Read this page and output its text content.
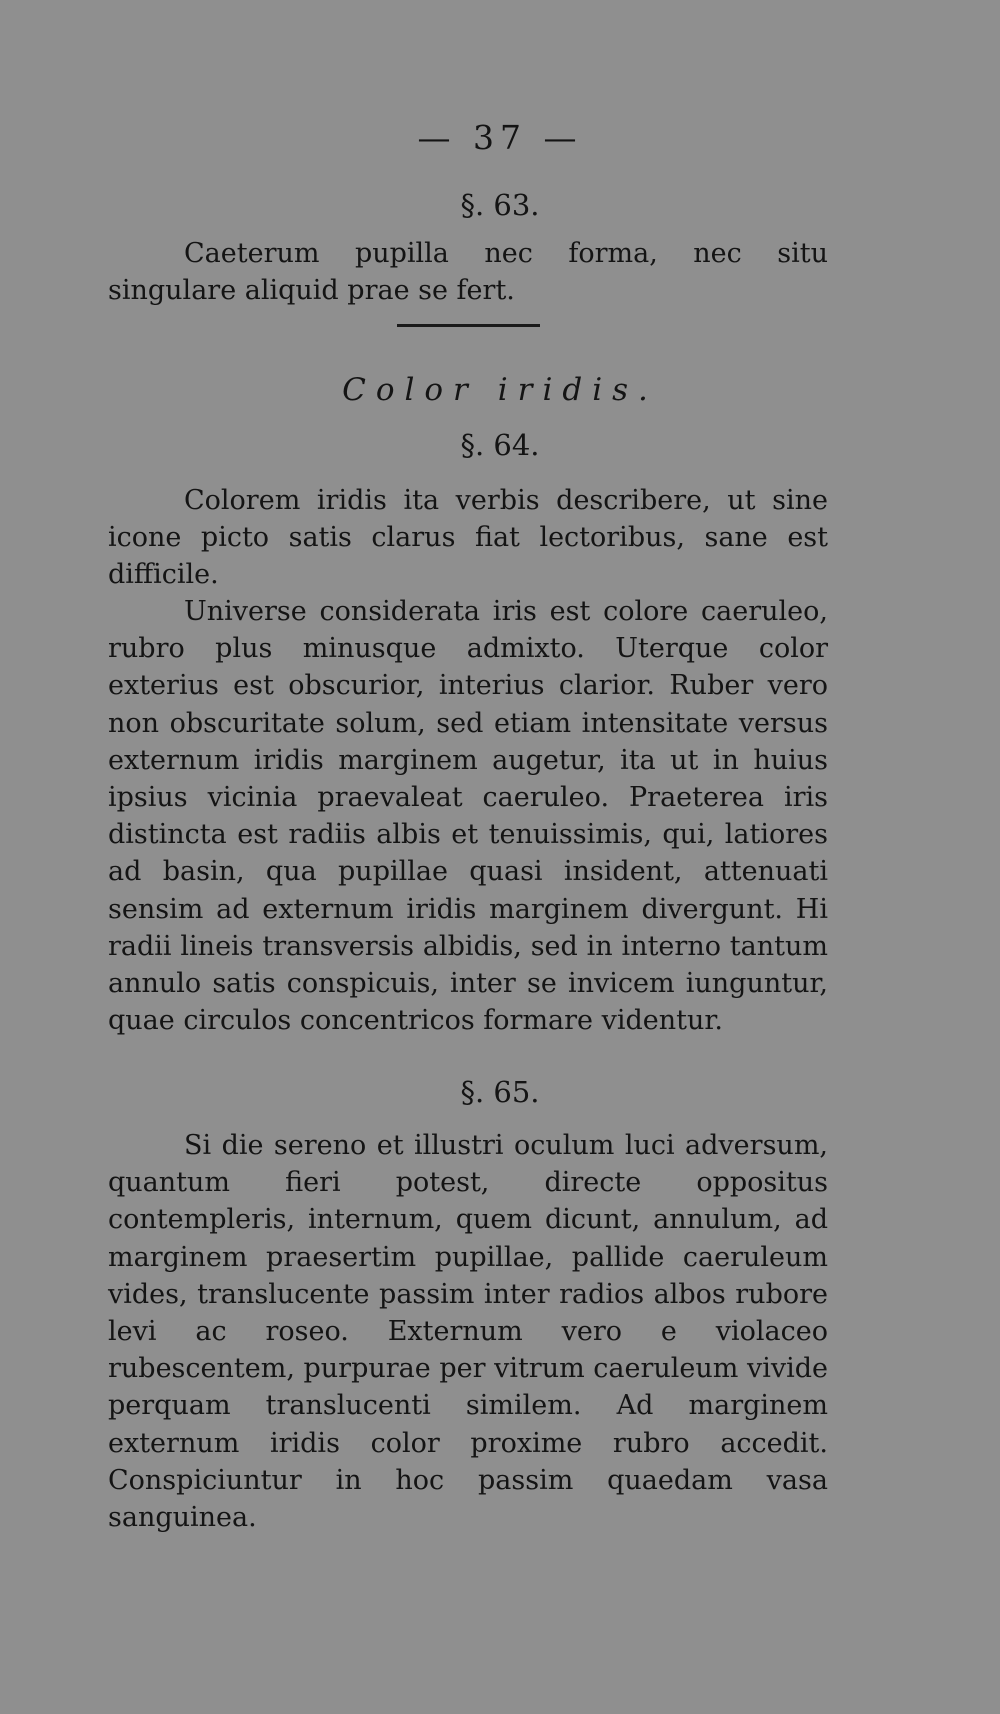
— 37 —
§. 63.

Caeterum pupilla nec forma, nec situ singulare aliquid prae se fert.

Color iridis.
§. 64.

Colorem iridis ita verbis describere, ut sine icone picto satis clarus fiat lectoribus, sane est difficile.

Universe considerata iris est colore caeruleo, rubro plus minusque admixto. Uterque color exterius est obscurior, interius clarior. Ruber vero non obscuritate solum, sed etiam intensitate versus externum iridis marginem augetur, ita ut in huius ipsius vicinia praevaleat caeruleo. Praeterea iris distincta est radiis albis et tenuissimis, qui, latiores ad basin, qua pupillae quasi insident, attenuati sensim ad externum iridis marginem divergunt. Hi radii lineis transversis albidis, sed in interno tantum annulo satis conspicuis, inter se invicem iunguntur, quae circulos concentricos formare videntur.

§. 65.

Si die sereno et illustri oculum luci adversum, quantum fieri potest, directe oppositus contempleris, internum, quem dicunt, annulum, ad marginem praesertim pupillae, pallide caeruleum vides, translucente passim inter radios albos rubore levi ac roseo. Externum vero e violaceo rubescentem, purpurae per vitrum caeruleum vivide perquam translucenti similem. Ad marginem externum iridis color proxime rubro accedit. Conspiciuntur in hoc passim quaedam vasa sanguinea.
